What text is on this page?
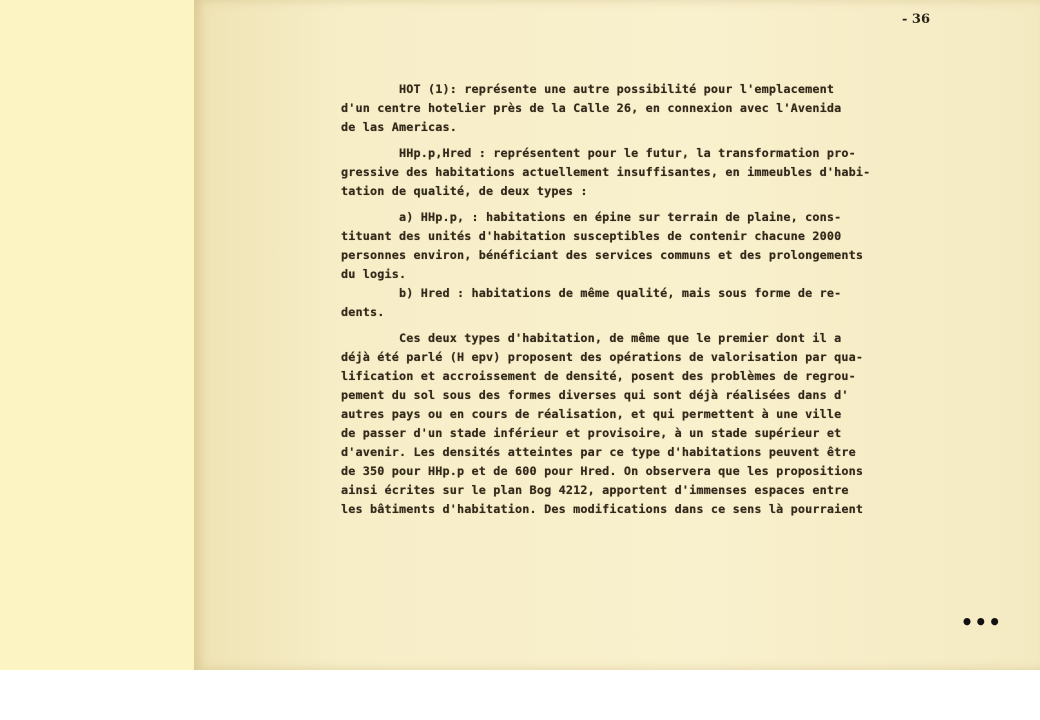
- 36
HOT (1): représente une autre possibilité pour l'emplacement
d'un centre hotelier près de la Calle 26, en connexion avec l'Avenida
de las Americas.
HHp.p,Hred : représentent pour le futur, la transformation pro-
gressive des habitations actuellement insuffisantes, en immeubles d'habi-
tation de qualité, de deux types :
a) HHp.p, : habitations en épine sur terrain de plaine, cons-
tituant des unités d'habitation susceptibles de contenir chacune 2000
personnes environ, bénéficiant des services communs et des prolongements
du logis.
b) Hred : habitations de même qualité, mais sous forme de re-
dents.
Ces deux types d'habitation, de même que le premier dont il a
déjà été parlé (H epv) proposent des opérations de valorisation par qua-
lification et accroissement de densité, posent des problèmes de regrou-
pement du sol sous des formes diverses qui sont déjà réalisées dans d'
autres pays ou en cours de réalisation, et qui permettent à une ville
de passer d'un stade inférieur et provisoire, à un stade supérieur et
d'avenir. Les densités atteintes par ce type d'habitations peuvent être
de 350 pour HHp.p et de 600 pour Hred. On observera que les propositions
ainsi écrites sur le plan Bog 4212, apportent d'immenses espaces entre
les bâtiments d'habitation. Des modifications dans ce sens là pourraient
•••
